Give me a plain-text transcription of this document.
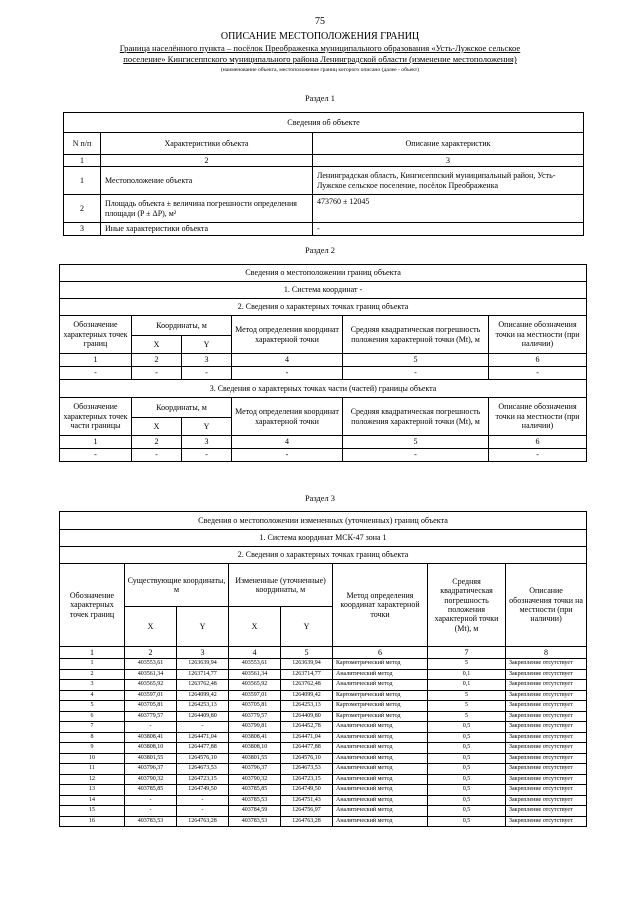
75
ОПИСАНИЕ МЕСТОПОЛОЖЕНИЯ ГРАНИЦ
Граница населённого пункта – посёлок Преображенка муниципального образования «Усть-Лужское сельское
поселение» Кингисеппского муниципального района Ленинградской области (изменение местоположения)
(наименование объекта, местоположение границ которого описано (далее - объект)
Раздел 1
Сведения об объекте		
N п/п	Характеристики объекта	Описание характеристик
1	2	3
1	Местоположение объекта	Ленинградская область, Кингисеппский муниципальный район, Усть-Лужское сельское поселение, посёлок Преображенка
2	Площадь объекта ± величина погрешности определения площади (P ± ΔP), м²	473760 ± 12045
3	Иные характеристики объекта	-
Раздел 2
Сведения о местоположении границ объекта					
1. Система координат -					
2. Сведения о характерных точках границ объекта					
Обозначение характерных точек границ	Координаты, м		Метод определения координат характерной точки	Средняя квадратическая погрешность положения характерной точки (Mt), м	Описание обозначения точки на местности (при наличии)
	X	Y			
1	2	3	4	5	6
-	-	-	-	-	-
3. Сведения о характерных точках части (частей) границы объекта					
Обозначение характерных точек части границы	Координаты, м		Метод определения координат характерной точки	Средняя квадратическая погрешность положения характерной точки (Mt), м	Описание обозначения точки на местности (при наличии)
	X	Y			
1	2	3	4	5	6
-	-	-	-	-	-
Раздел 3
Сведения о местоположении измененных (уточненных) границ объекта							
1. Система координат МСК-47 зона 1							
2. Сведения о характерных точках границ объекта							
Обозначение характерных точек границ	Существующие координаты, м		Измененные (уточненные) координаты, м		Метод определения координат характерной точки	Средняя квадратическая погрешность положения характерной точки (Mt), м	Описание обозначения точки на местности (при наличии)
	X	Y	X	Y			
1	2	3	4	5	6	7	8
1	403553,61	1263639,94	403553,61	1263639,94	Картометрический метод	5	Закрепление отсутствует
2	403561,34	1263714,77	403561,34	1263714,77	Аналитический метод	0,1	Закрепление отсутствует
3	403565,92	1263762,48	403565,92	1263762,48	Аналитический метод	0,1	Закрепление отсутствует
4	403597,01	1264099,42	403597,01	1264099,42	Картометрический метод	5	Закрепление отсутствует
5	403705,81	1264253,13	403705,81	1264253,13	Картометрический метод	5	Закрепление отсутствует
6	403779,57	1264409,80	403779,57	1264409,80	Картометрический метод	5	Закрепление отсутствует
7	-	-	403799,81	1264452,78	Аналитический метод	0,5	Закрепление отсутствует
8	403808,41	1264471,04	403808,41	1264471,04	Аналитический метод	0,5	Закрепление отсутствует
9	403808,10	1264477,88	403808,10	1264477,88	Аналитический метод	0,5	Закрепление отсутствует
10	403801,55	1264576,10	403801,55	1264576,10	Аналитический метод	0,5	Закрепление отсутствует
11	403796,37	1264673,53	403796,37	1264673,53	Аналитический метод	0,5	Закрепление отсутствует
12	403790,32	1264723,15	403790,32	1264723,15	Аналитический метод	0,5	Закрепление отсутствует
13	403785,85	1264749,50	403785,85	1264749,50	Аналитический метод	0,5	Закрепление отсутствует
14	-	-	403785,53	1264751,43	Аналитический метод	0,5	Закрепление отсутствует
15	-	-	403784,59	1264756,97	Аналитический метод	0,5	Закрепление отсутствует
16	403783,53	1264763,28	403783,53	1264763,28	Аналитический метод	0,5	Закрепление отсутствует
